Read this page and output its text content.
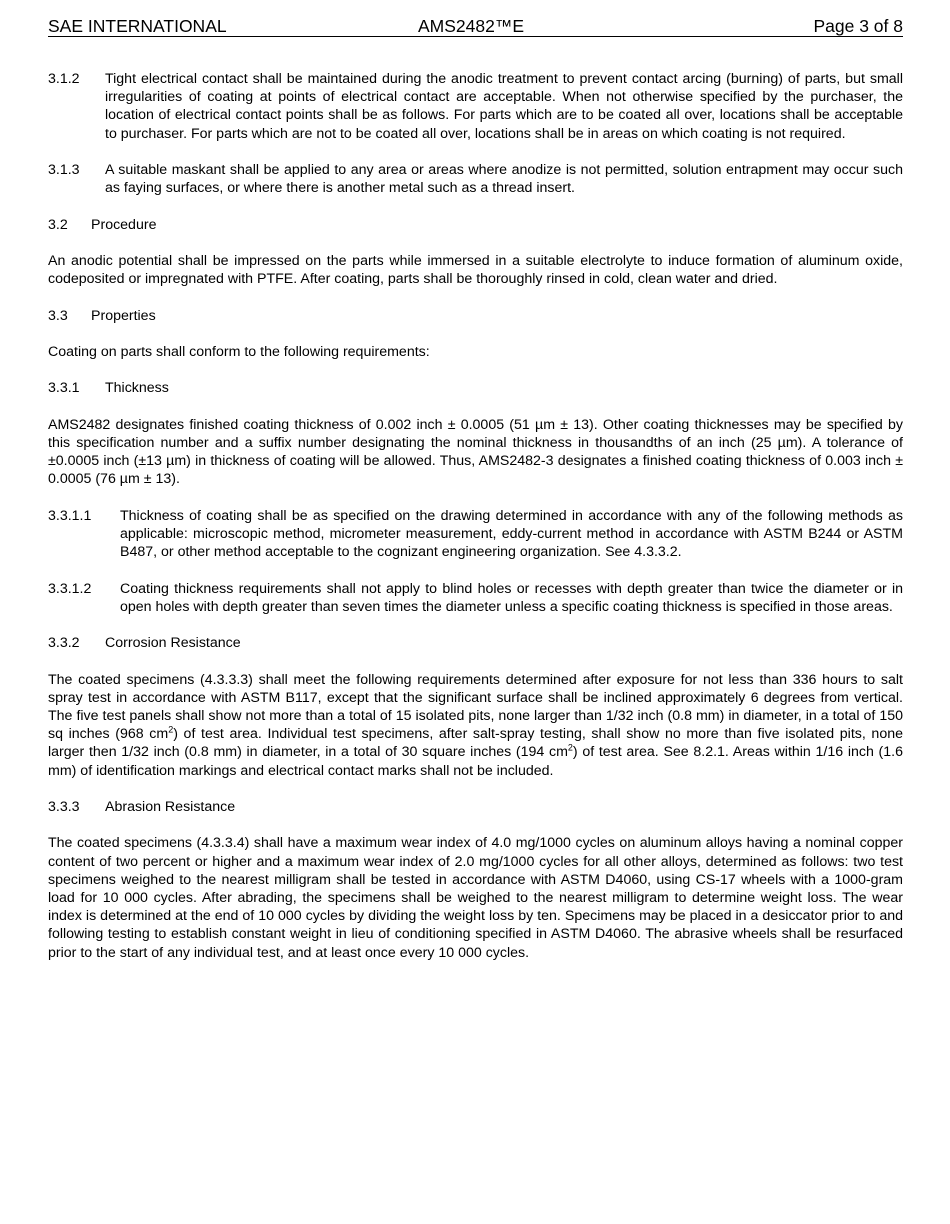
SAE INTERNATIONAL	AMS2482™E	Page 3 of 8
3.1.2	Tight electrical contact shall be maintained during the anodic treatment to prevent contact arcing (burning) of parts, but small irregularities of coating at points of electrical contact are acceptable. When not otherwise specified by the purchaser, the location of electrical contact points shall be as follows. For parts which are to be coated all over, locations shall be acceptable to purchaser. For parts which are not to be coated all over, locations shall be in areas on which coating is not required.
3.1.3	A suitable maskant shall be applied to any area or areas where anodize is not permitted, solution entrapment may occur such as faying surfaces, or where there is another metal such as a thread insert.
3.2	Procedure

An anodic potential shall be impressed on the parts while immersed in a suitable electrolyte to induce formation of aluminum oxide, codeposited or impregnated with PTFE. After coating, parts shall be thoroughly rinsed in cold, clean water and dried.

3.3	Properties

Coating on parts shall conform to the following requirements:

3.3.1	Thickness

AMS2482 designates finished coating thickness of 0.002 inch ± 0.0005 (51 µm ± 13). Other coating thicknesses may be specified by this specification number and a suffix number designating the nominal thickness in thousandths of an inch (25 µm). A tolerance of ±0.0005 inch (±13 µm) in thickness of coating will be allowed. Thus, AMS2482-3 designates a finished coating thickness of 0.003 inch ± 0.0005 (76 µm ± 13).

3.3.1.1	Thickness of coating shall be as specified on the drawing determined in accordance with any of the following methods as applicable: microscopic method, micrometer measurement, eddy-current method in accordance with ASTM B244 or ASTM B487, or other method acceptable to the cognizant engineering organization. See 4.3.3.2.
3.3.1.2	Coating thickness requirements shall not apply to blind holes or recesses with depth greater than twice the diameter or in open holes with depth greater than seven times the diameter unless a specific coating thickness is specified in those areas.
3.3.2	Corrosion Resistance

The coated specimens (4.3.3.3) shall meet the following requirements determined after exposure for not less than 336 hours to salt spray test in accordance with ASTM B117, except that the significant surface shall be inclined approximately 6 degrees from vertical. The five test panels shall show not more than a total of 15 isolated pits, none larger than 1/32 inch (0.8 mm) in diameter, in a total of 150 sq inches (968 $cm^2$) of test area. Individual test specimens, after salt-spray testing, shall show no more than five isolated pits, none larger then 1/32 inch (0.8 mm) in diameter, in a total of 30 square inches (194 $cm^2$) of test area. See 8.2.1. Areas within 1/16 inch (1.6 mm) of identification markings and electrical contact marks shall not be included.

3.3.3	Abrasion Resistance

The coated specimens (4.3.3.4) shall have a maximum wear index of 4.0 mg/1000 cycles on aluminum alloys having a nominal copper content of two percent or higher and a maximum wear index of 2.0 mg/1000 cycles for all other alloys, determined as follows: two test specimens weighed to the nearest milligram shall be tested in accordance with ASTM D4060, using CS-17 wheels with a 1000-gram load for 10 000 cycles. After abrading, the specimens shall be weighed to the nearest milligram to determine weight loss. The wear index is determined at the end of 10 000 cycles by dividing the weight loss by ten. Specimens may be placed in a desiccator prior to and following testing to establish constant weight in lieu of conditioning specified in ASTM D4060. The abrasive wheels shall be resurfaced prior to the start of any individual test, and at least once every 10 000 cycles.
